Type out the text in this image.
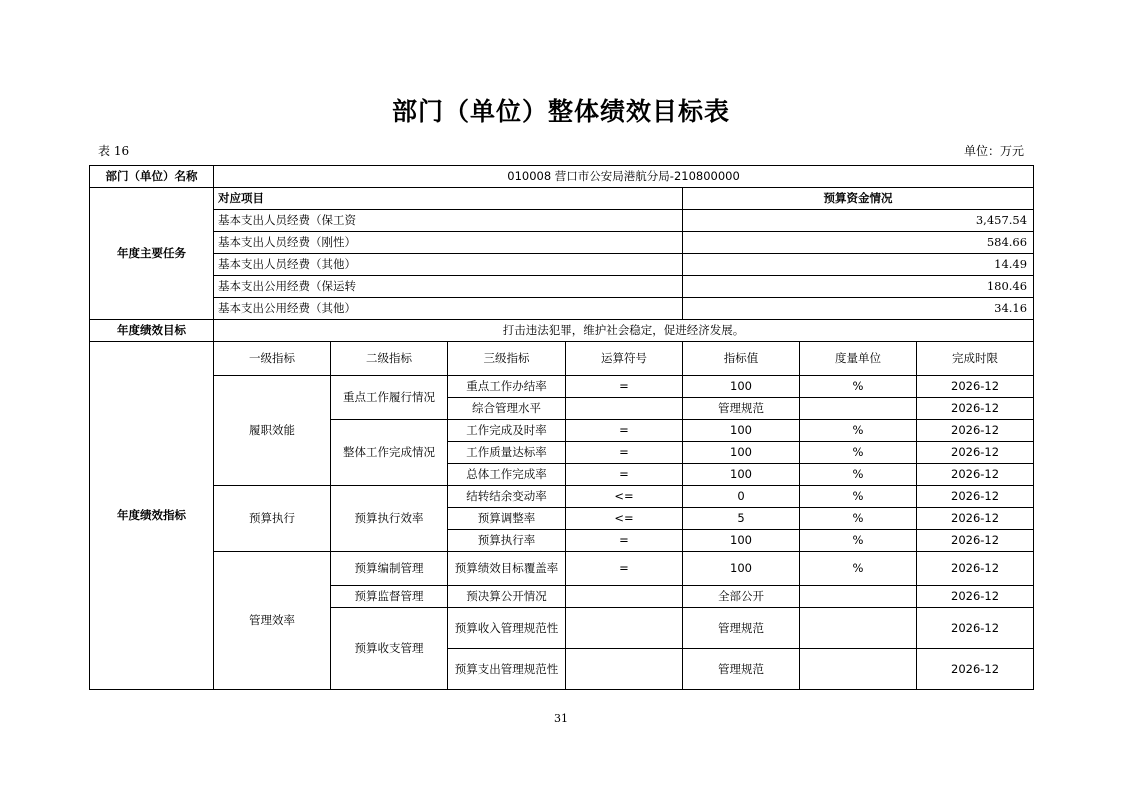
部门（单位）整体绩效目标表
表 16	单位：万元
部门（单位）名称	010008 营口市公安局港航分局-210800000						
年度主要任务	对应项目				预算资金情况		
	基本支出人员经费（保工资				3,457.54		
	基本支出人员经费（刚性）				584.66		
	基本支出人员经费（其他）				14.49		
	基本支出公用经费（保运转				180.46		
	基本支出公用经费（其他）				34.16		
年度绩效目标	打击违法犯罪，维护社会稳定，促进经济发展。						
年度绩效指标	一级指标	二级指标	三级指标	运算符号	指标值	度量单位	完成时限
	履职效能	重点工作履行情况	重点工作办结率	=	100	%	2026-12
			综合管理水平		管理规范		2026-12
		整体工作完成情况	工作完成及时率	=	100	%	2026-12
			工作质量达标率	=	100	%	2026-12
			总体工作完成率	=	100	%	2026-12
	预算执行	预算执行效率	结转结余变动率	<=	0	%	2026-12
			预算调整率	<=	5	%	2026-12
			预算执行率	=	100	%	2026-12
	管理效率	预算编制管理	预算绩效目标覆盖率	=	100	%	2026-12
		预算监督管理	预决算公开情况		全部公开		2026-12
		预算收支管理	预算收入管理规范性		管理规范		2026-12
			预算支出管理规范性		管理规范		2026-12
31
